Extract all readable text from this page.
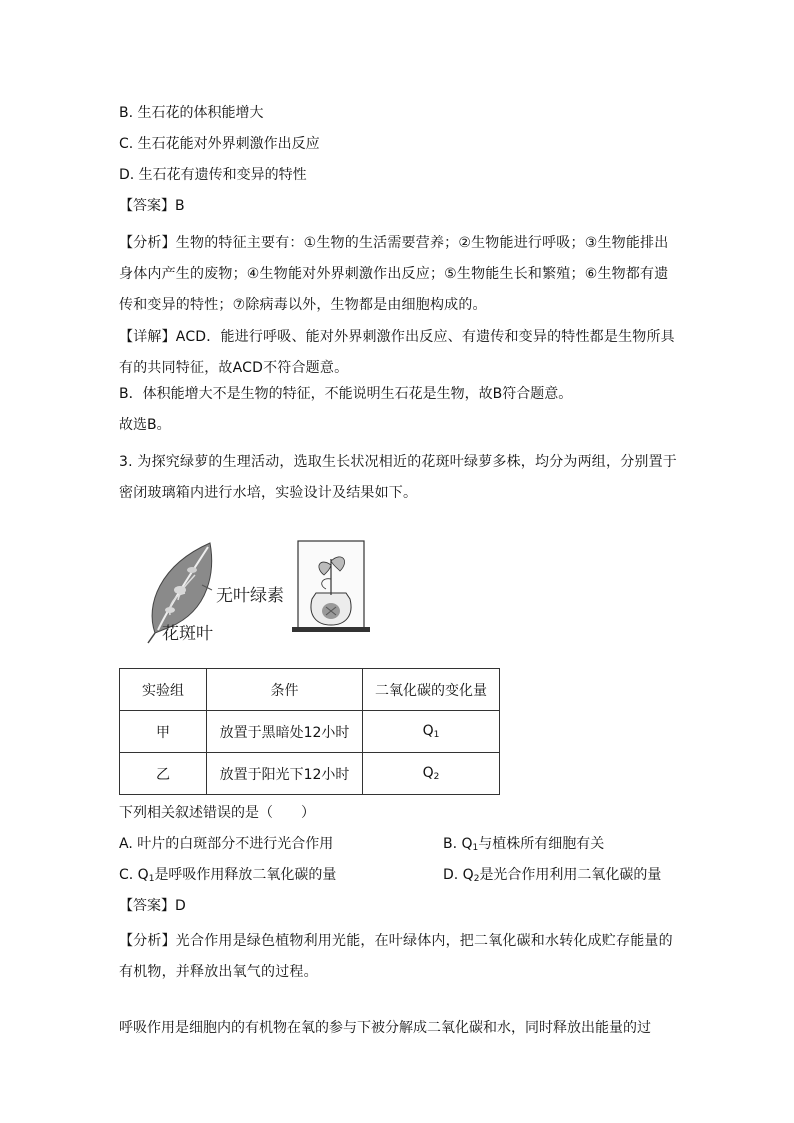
B. 生石花的体积能增大
C. 生石花能对外界刺激作出反应
D. 生石花有遗传和变异的特性
【答案】B
【分析】生物的特征主要有：①生物的生活需要营养；②生物能进行呼吸；③生物能排出身体内产生的废物；④生物能对外界刺激作出反应；⑤生物能生长和繁殖；⑥生物都有遗传和变异的特性；⑦除病毒以外，生物都是由细胞构成的。
【详解】ACD．能进行呼吸、能对外界刺激作出反应、有遗传和变异的特性都是生物所具有的共同特征，故ACD不符合题意。
B．体积能增大不是生物的特征，不能说明生石花是生物，故B符合题意。
故选B。
3. 为探究绿萝的生理活动，选取生长状况相近的花斑叶绿萝多株，均分为两组，分别置于密闭玻璃箱内进行水培，实验设计及结果如下。
无叶绿素
花斑叶
实验组	条件	二氧化碳的变化量
甲	放置于黑暗处12小时	$Q_1$
乙	放置于阳光下12小时	$Q_2$
下列相关叙述错误的是（　　）
A. 叶片的白斑部分不进行光合作用	B. $Q_1$与植株所有细胞有关
C. $Q_1$是呼吸作用释放二氧化碳的量	D. $Q_2$是光合作用利用二氧化碳的量
【答案】D
【分析】光合作用是绿色植物利用光能，在叶绿体内，把二氧化碳和水转化成贮存能量的有机物，并释放出氧气的过程。
呼吸作用是细胞内的有机物在氧的参与下被分解成二氧化碳和水，同时释放出能量的过
